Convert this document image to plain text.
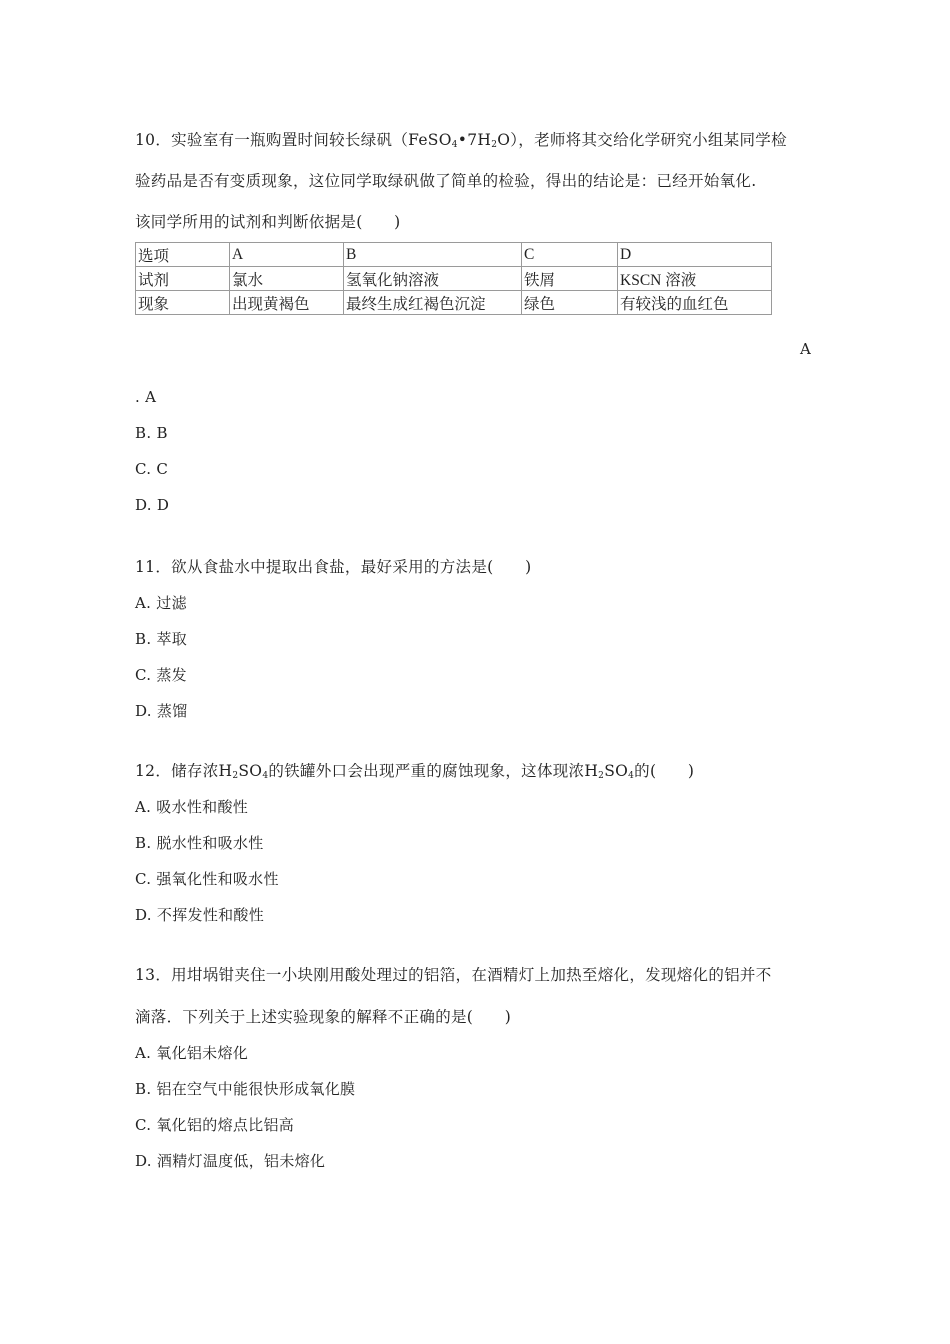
10．实验室有一瓶购置时间较长绿矾$(FeSO_4•7H_2O)$，老师将其交给化学研究小组某同学检
验药品是否有变质现象，这位同学取绿矾做了简单的检验，得出的结论是：已经开始氧化.
该同学所用的试剂和判断依据是(　　)
选项	A	B	C	D
试剂	氯水	氢氧化钠溶液	铁屑	KSCN 溶液
现象	出现黄褐色	最终生成红褐色沉淀	绿色	有较浅的血红色
A
. A
B. B
C. C
D. D
11．欲从食盐水中提取出食盐，最好采用的方法是(　　)
A. 过滤
B. 萃取
C. 蒸发
D. 蒸馏
12．储存浓$H_2SO_4$的铁罐外口会出现严重的腐蚀现象，这体现浓$H_2SO_4$的(　　)
A. 吸水性和酸性
B. 脱水性和吸水性
C. 强氧化性和吸水性
D. 不挥发性和酸性
13．用坩埚钳夹住一小块刚用酸处理过的铝箔，在酒精灯上加热至熔化，发现熔化的铝并不
滴落．下列关于上述实验现象的解释不正确的是(　　)
A. 氧化铝未熔化
B. 铝在空气中能很快形成氧化膜
C. 氧化铝的熔点比铝高
D. 酒精灯温度低，铝未熔化
